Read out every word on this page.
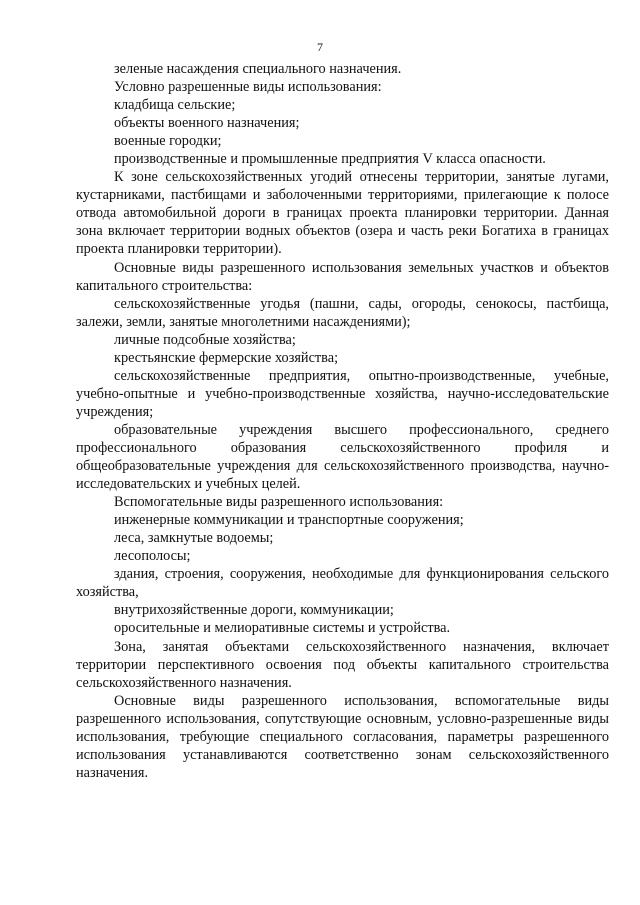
7

зеленые насаждения специального назначения.

Условно разрешенные виды использования:

кладбища сельские;

объекты военного назначения;

военные городки;

производственные и промышленные предприятия V класса опасности.

К зоне сельскохозяйственных угодий отнесены территории, занятые лугами, кустарниками, пастбищами и заболоченными территориями, прилегающие к полосе отвода автомобильной дороги в границах проекта планировки территории. Данная зона включает территории водных объектов (озера и часть реки Богатиха в границах проекта планировки территории).

Основные виды разрешенного использования земельных участков и объектов капитального строительства:

сельскохозяйственные угодья (пашни, сады, огороды, сенокосы, пастбища, залежи, земли, занятые многолетними насаждениями);

личные подсобные хозяйства;

крестьянские фермерские хозяйства;

сельскохозяйственные предприятия, опытно-производственные, учебные, учебно-опытные и учебно-производственные хозяйства, научно-исследовательские учреждения;

образовательные учреждения высшего профессионального, среднего профессионального образования сельскохозяйственного профиля и общеобразовательные учреждения для сельскохозяйственного производства, научно-исследовательских и учебных целей.

Вспомогательные виды разрешенного использования:

инженерные коммуникации и транспортные сооружения;

леса, замкнутые водоемы;

лесополосы;

здания, строения, сооружения, необходимые для функционирования сельского хозяйства,

внутрихозяйственные дороги, коммуникации;

оросительные и мелиоративные системы и устройства.

Зона, занятая объектами сельскохозяйственного назначения, включает территории перспективного освоения под объекты капитального строительства сельскохозяйственного назначения.

Основные виды разрешенного использования, вспомогательные виды разрешенного использования, сопутствующие основным, условно-разрешенные виды использования, требующие специального согласования, параметры разрешенного использования устанавливаются соответственно зонам сельскохозяйственного назначения.
